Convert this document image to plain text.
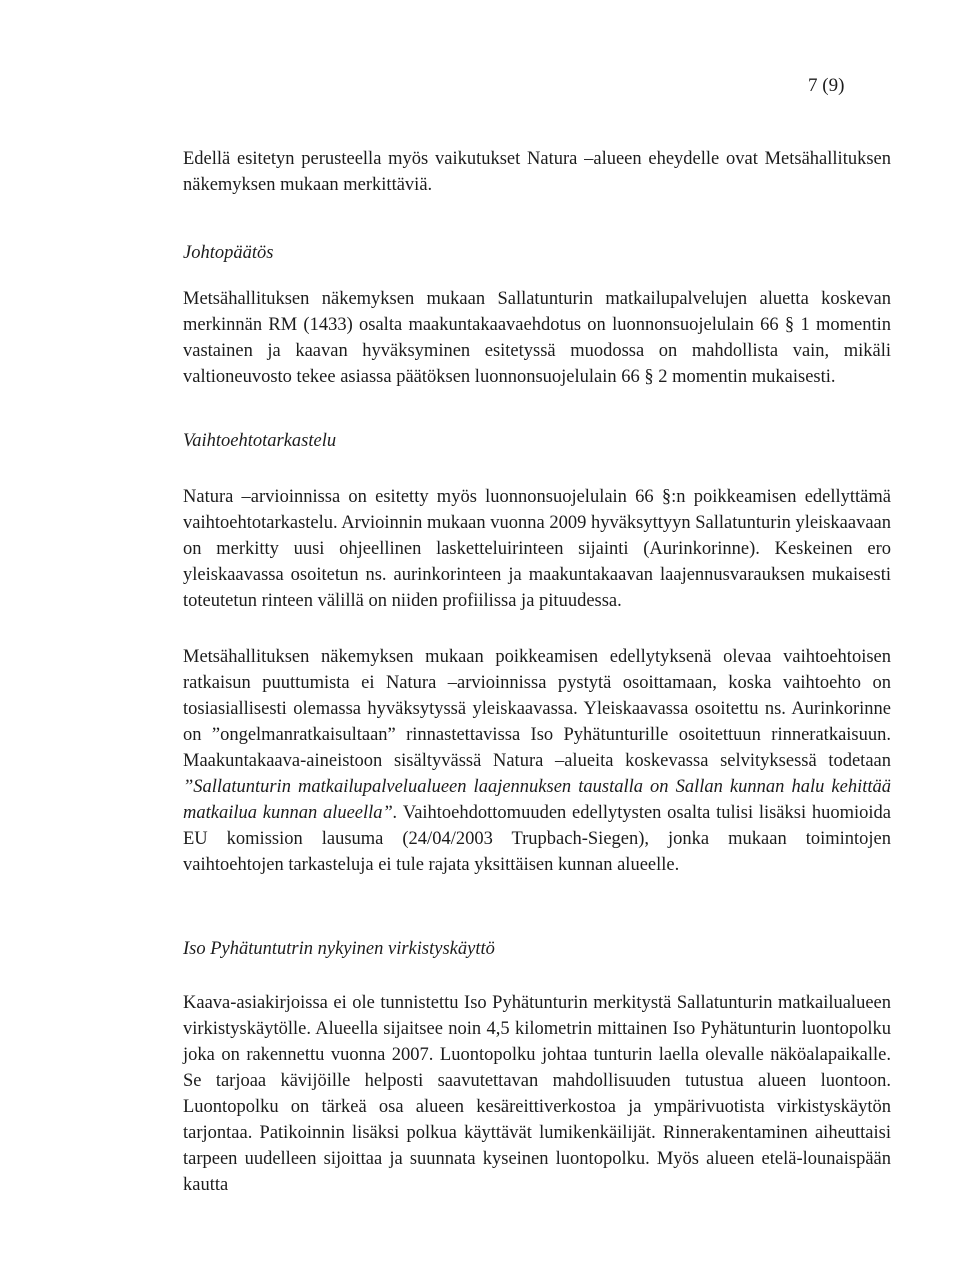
7 (9)

Edellä esitetyn perusteella myös vaikutukset Natura –alueen eheydelle ovat Metsähallituksen näkemyksen mukaan merkittäviä.

Johtopäätös

Metsähallituksen näkemyksen mukaan Sallatunturin matkailupalvelujen aluetta koskevan merkinnän RM (1433) osalta maakuntakaavaehdotus on luonnonsuojelulain 66 § 1 momentin vastainen ja kaavan hyväksyminen esitetyssä muodossa on mahdollista vain, mikäli valtioneuvosto tekee asiassa päätöksen luonnonsuojelulain 66 § 2 momentin mukaisesti.

Vaihtoehtotarkastelu

Natura –arvioinnissa on esitetty myös luonnonsuojelulain 66 §:n poikkeamisen edellyttämä vaihtoehtotarkastelu. Arvioinnin mukaan vuonna 2009 hyväksyttyyn Sallatunturin yleiskaavaan on merkitty uusi ohjeellinen lasketteluirinteen sijainti (Aurinkorinne). Keskeinen ero yleiskaavassa osoitetun ns. aurinkorinteen ja maakuntakaavan laajennusvarauksen mukaisesti toteutetun rinteen välillä on niiden profiilissa ja pituudessa.

Metsähallituksen näkemyksen mukaan poikkeamisen edellytyksenä olevaa vaihtoehtoisen ratkaisun puuttumista ei Natura –arvioinnissa pystytä osoittamaan, koska vaihtoehto on tosiasiallisesti olemassa hyväksytyssä yleiskaavassa. Yleiskaavassa osoitettu ns. Aurinkorinne on ”ongelmanratkaisultaan” rinnastettavissa Iso Pyhätunturille osoitettuun rinneratkaisuun. Maakuntakaava-aineistoon sisältyvässä Natura –alueita koskevassa selvityksessä todetaan ”Sallatunturin matkailupalvelualueen laajennuksen taustalla on Sallan kunnan halu kehittää matkailua kunnan alueella”. Vaihtoehdottomuuden edellytysten osalta tulisi lisäksi huomioida EU komission lausuma (24/04/2003 Trupbach-Siegen), jonka mukaan toimintojen vaihtoehtojen tarkasteluja ei tule rajata yksittäisen kunnan alueelle.

Iso Pyhätuntutrin nykyinen virkistyskäyttö

Kaava-asiakirjoissa ei ole tunnistettu Iso Pyhätunturin merkitystä Sallatunturin matkailualueen virkistyskäytölle. Alueella sijaitsee noin 4,5 kilometrin mittainen Iso Pyhätunturin luontopolku joka on rakennettu vuonna 2007. Luontopolku johtaa tunturin laella olevalle näköalapaikalle. Se tarjoaa kävijöille helposti saavutettavan mahdollisuuden tutustua alueen luontoon. Luontopolku on tärkeä osa alueen kesäreittiverkostoa ja ympärivuotista virkistyskäytön tarjontaa. Patikoinnin lisäksi polkua käyttävät lumikenkäilijät. Rinnerakentaminen aiheuttaisi tarpeen uudelleen sijoittaa ja suunnata kyseinen luontopolku. Myös alueen etelä-lounaispään kautta
